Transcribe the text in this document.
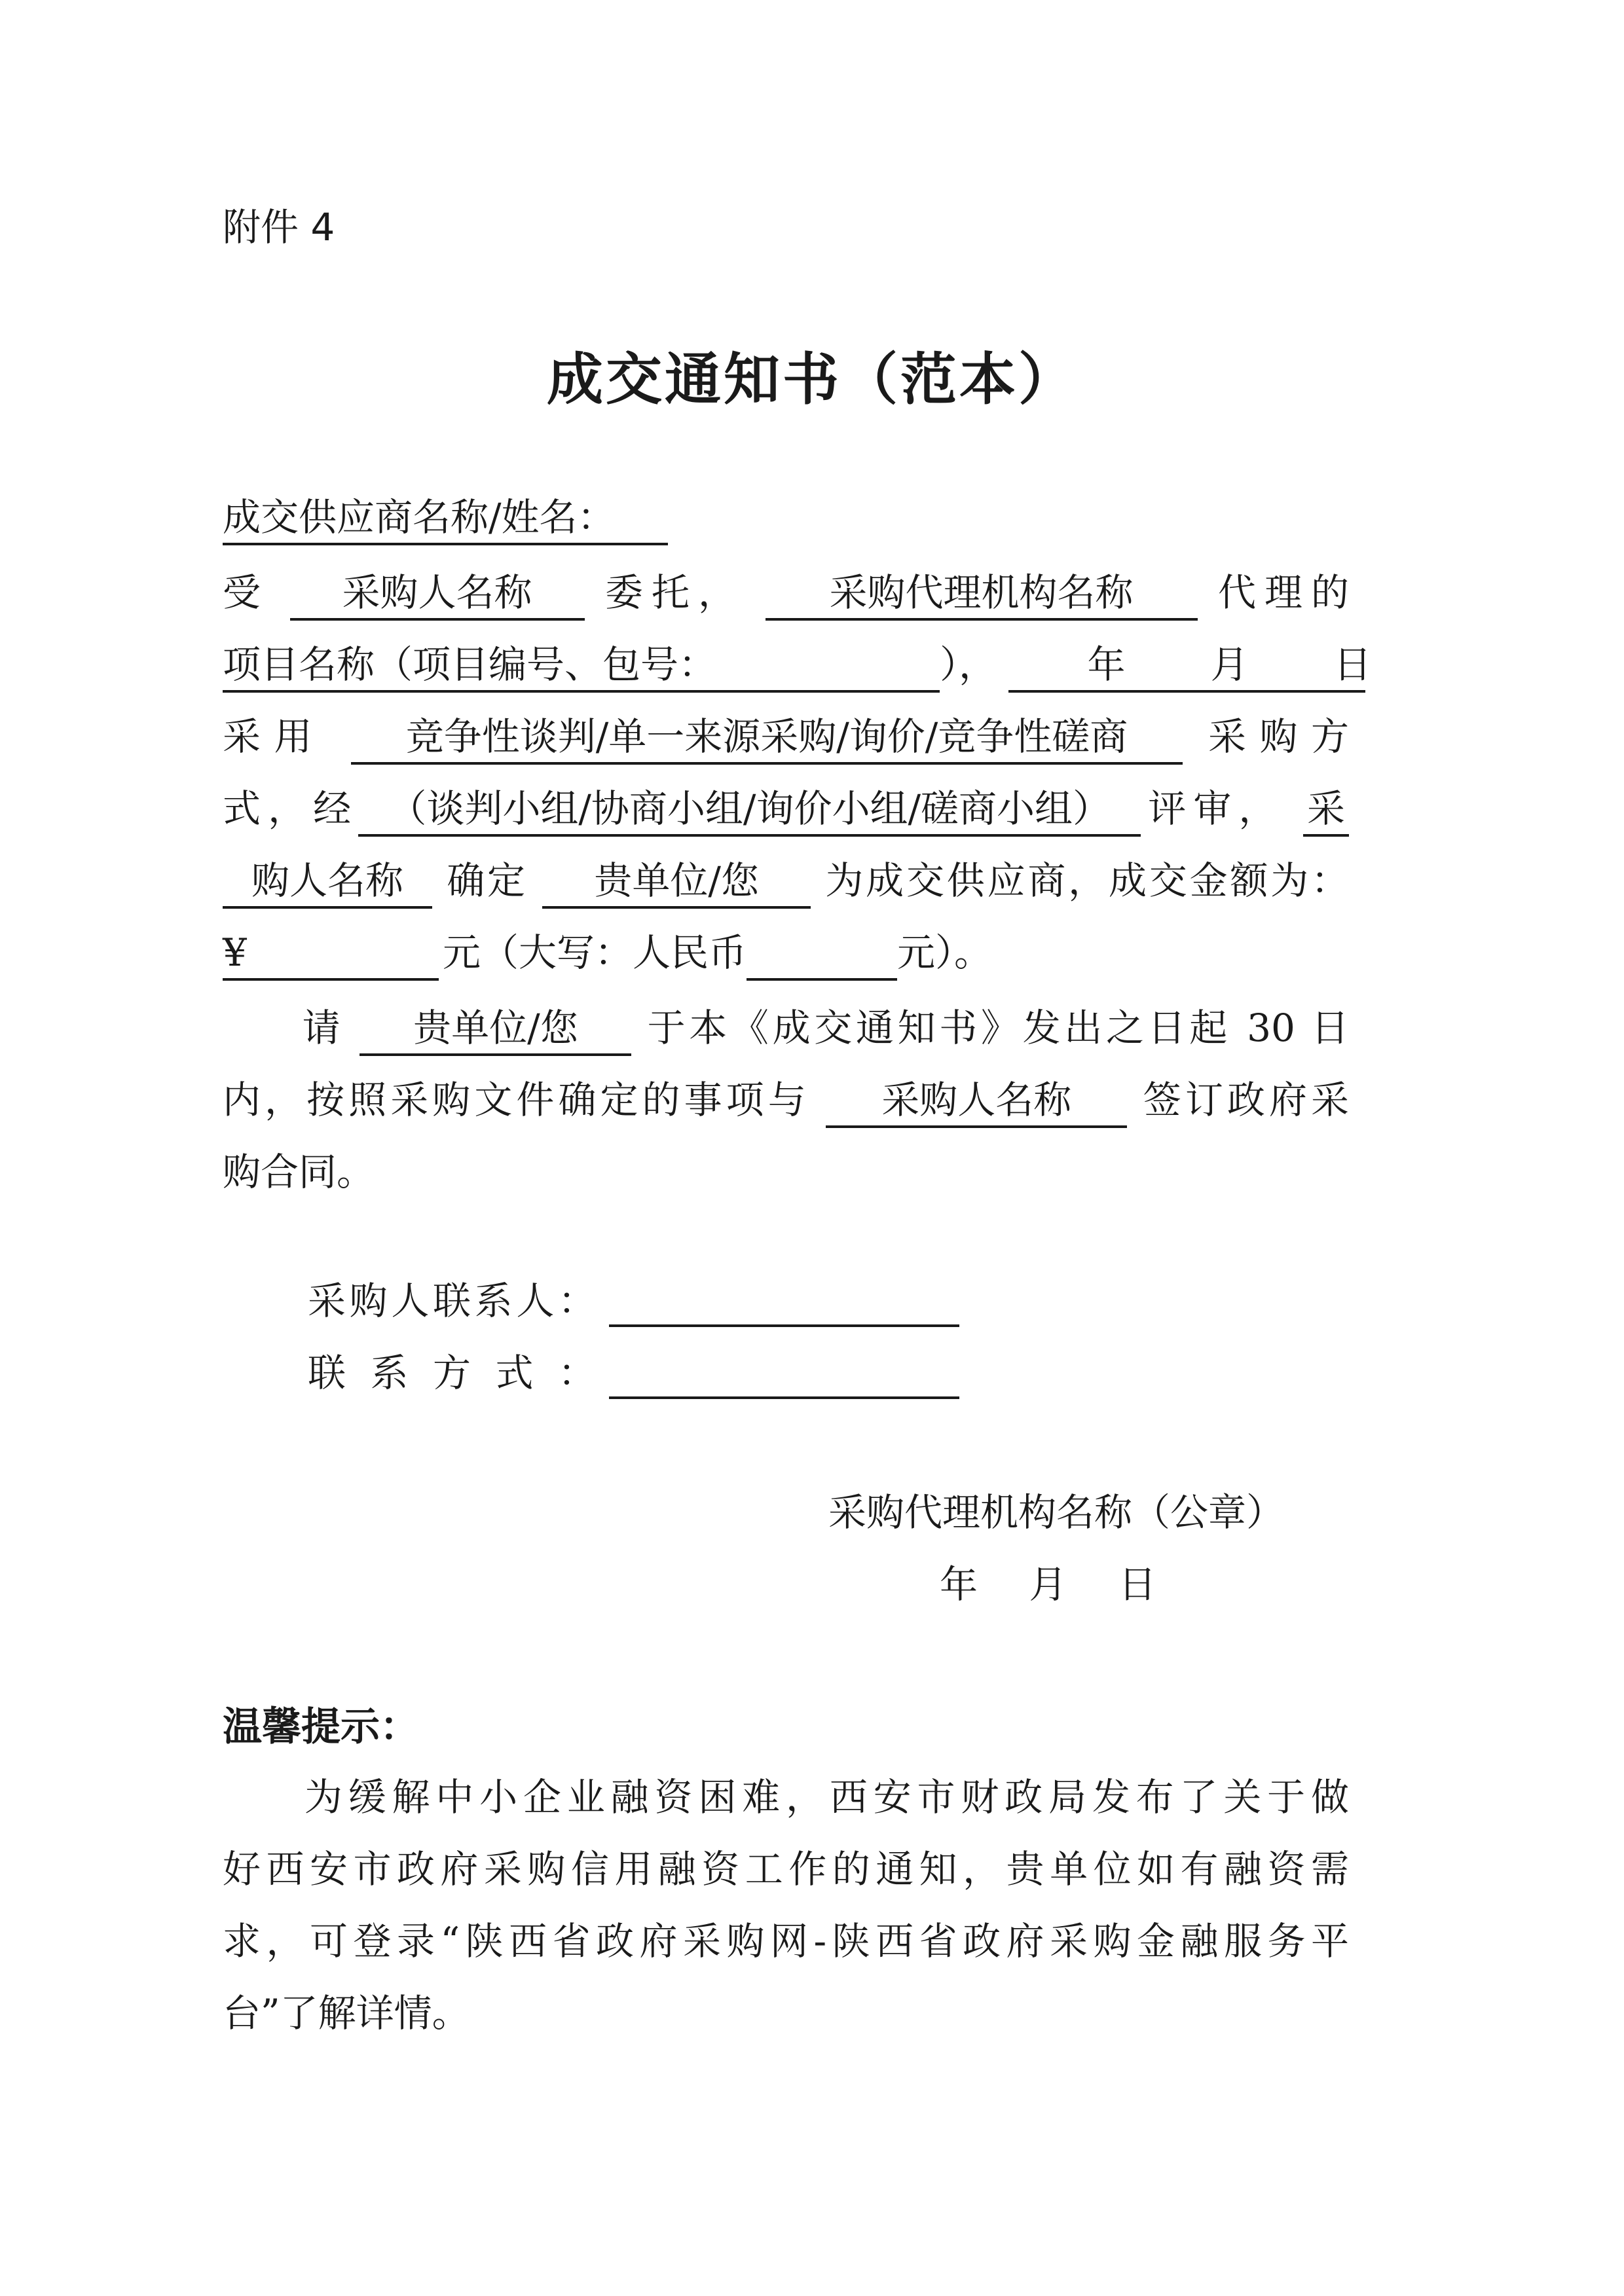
附件 4
成交通知书（范本）
成交供应商名称/姓名：
受 采购人名称 委托， 采购代理机构名称 代理的
项目名称（项目编号、包号：	）， 年 月 日
采用 竞争性谈判/单一来源采购/询价/竞争性磋商 采购方
式，经 （谈判小组/协商小组/询价小组/磋商小组） 评审， 采
购人名称 确定 贵单位/您 为成交供应商，成交金额为：
¥	元（大写：人民币	元）。
请 贵单位/您 于本《成交通知书》发出之日起 30 日
内，按照采购文件确定的事项与 采购人名称 签订政府采
购合同。
采购人联系人：
联系方式：
采购代理机构名称（公章）
年 月 日
温馨提示：
为缓解中小企业融资困难，西安市财政局发布了关于做
好西安市政府采购信用融资工作的通知，贵单位如有融资需
求，可登录“陕西省政府采购网-陕西省政府采购金融服务平
台”了解详情。
